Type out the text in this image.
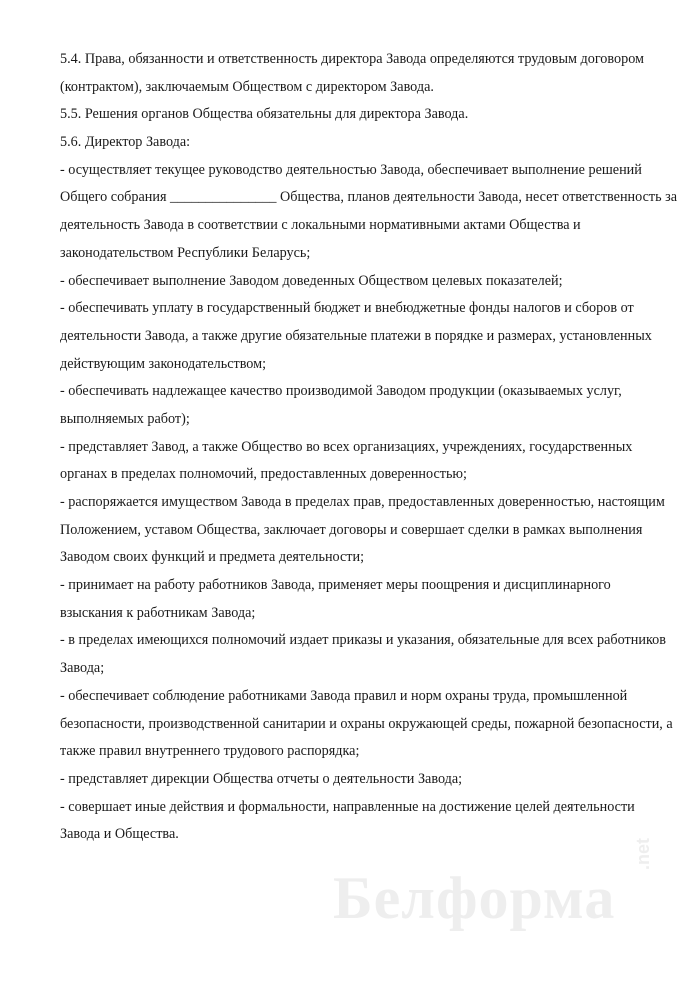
5.4. Права, обязанности и ответственность директора Завода определяются трудовым договором
(контрактом), заключаемым Обществом с директором Завода.
5.5. Решения органов Общества обязательны для директора Завода.
5.6. Директор Завода:
- осуществляет текущее руководство деятельностью Завода, обеспечивает выполнение решений
Общего собрания _______________ Общества, планов деятельности Завода, несет ответственность за
деятельность Завода в соответствии с локальными нормативными актами Общества и
законодательством Республики Беларусь;
- обеспечивает выполнение Заводом доведенных Обществом целевых показателей;
- обеспечивать уплату в государственный бюджет и внебюджетные фонды налогов и сборов от
деятельности Завода, а также другие обязательные платежи в порядке и размерах, установленных
действующим законодательством;
- обеспечивать надлежащее качество производимой Заводом продукции (оказываемых услуг,
выполняемых работ);
- представляет Завод, а также Общество во всех организациях, учреждениях, государственных
органах в пределах полномочий, предоставленных доверенностью;
- распоряжается имуществом Завода в пределах прав, предоставленных доверенностью, настоящим
Положением, уставом Общества, заключает договоры и совершает сделки в рамках выполнения
Заводом своих функций и предмета деятельности;
- принимает на работу работников Завода, применяет меры поощрения и дисциплинарного
взыскания к работникам Завода;
- в пределах имеющихся полномочий издает приказы и указания, обязательные для всех работников
Завода;
- обеспечивает соблюдение работниками Завода правил и норм охраны труда, промышленной
безопасности, производственной санитарии и охраны окружающей среды, пожарной безопасности, а
также правил внутреннего трудового распорядка;
- представляет дирекции Общества отчеты о деятельности Завода;
- совершает иные действия и формальности, направленные на достижение целей деятельности
Завода и Общества.
Белформа
.net
